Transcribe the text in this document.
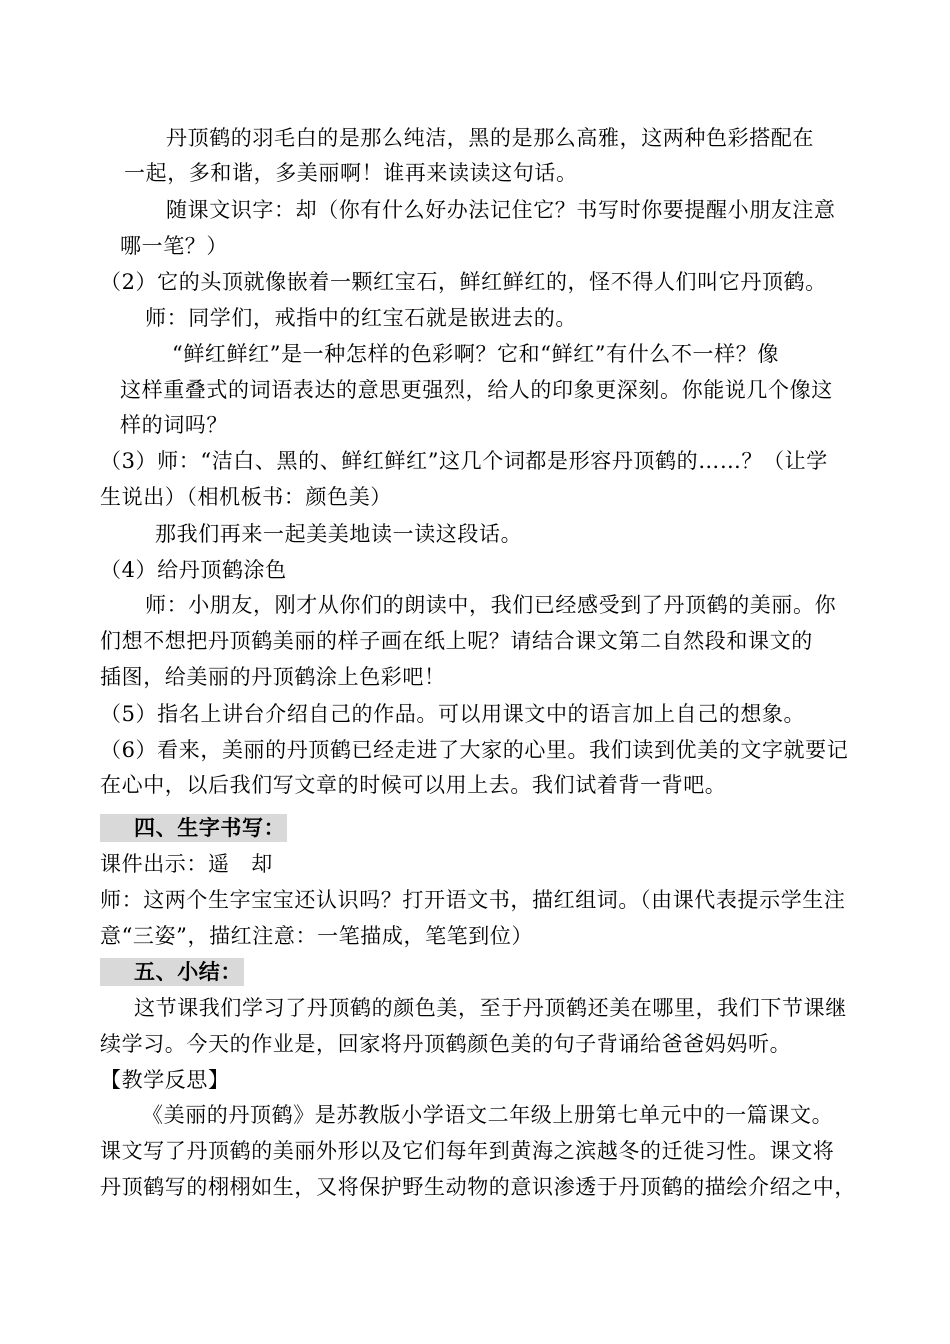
丹顶鹤的羽毛白的是那么纯洁，黑的是那么高雅，这两种色彩搭配在
一起，多和谐，多美丽啊！谁再来读读这句话。
随课文识字：却（你有什么好办法记住它？书写时你要提醒小朋友注意
哪一笔？）
（2）它的头顶就像嵌着一颗红宝石，鲜红鲜红的，怪不得人们叫它丹顶鹤。
师：同学们，戒指中的红宝石就是嵌进去的。
“鲜红鲜红”是一种怎样的色彩啊？它和“鲜红”有什么不一样？像
这样重叠式的词语表达的意思更强烈，给人的印象更深刻。你能说几个像这
样的词吗？
（3）师：“洁白、黑的、鲜红鲜红”这几个词都是形容丹顶鹤的……？（让学
生说出）（相机板书：颜色美）
那我们再来一起美美地读一读这段话。
（4）给丹顶鹤涂色
师：小朋友，刚才从你们的朗读中，我们已经感受到了丹顶鹤的美丽。你
们想不想把丹顶鹤美丽的样子画在纸上呢？请结合课文第二自然段和课文的
插图，给美丽的丹顶鹤涂上色彩吧！
（5）指名上讲台介绍自己的作品。可以用课文中的语言加上自己的想象。
（6）看来，美丽的丹顶鹤已经走进了大家的心里。我们读到优美的文字就要记
在心中，以后我们写文章的时候可以用上去。我们试着背一背吧。
四、生字书写：
课件出示：遥　却
师：这两个生字宝宝还认识吗？打开语文书，描红组词。（由课代表提示学生注
意“三姿”，描红注意：一笔描成，笔笔到位）
五、小结：
这节课我们学习了丹顶鹤的颜色美，至于丹顶鹤还美在哪里，我们下节课继
续学习。今天的作业是，回家将丹顶鹤颜色美的句子背诵给爸爸妈妈听。
【教学反思】
《美丽的丹顶鹤》是苏教版小学语文二年级上册第七单元中的一篇课文。
课文写了丹顶鹤的美丽外形以及它们每年到黄海之滨越冬的迁徙习性。课文将
丹顶鹤写的栩栩如生，又将保护野生动物的意识渗透于丹顶鹤的描绘介绍之中，
